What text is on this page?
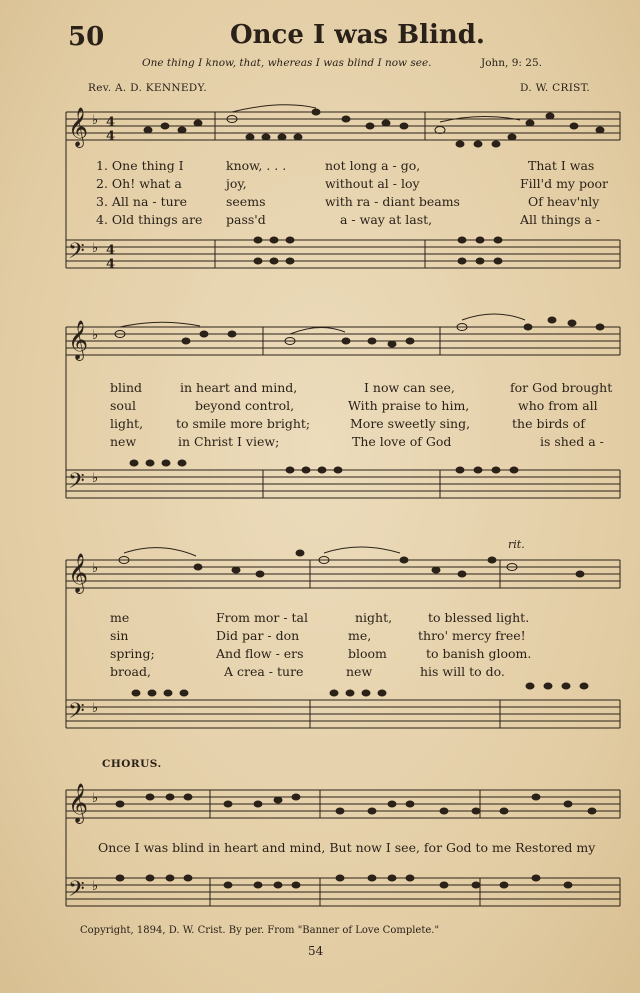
50	Once I was Blind.
One thing I know, that, whereas I was blind I now see.	John, 9: 25.
Rev. A. D. KENNEDY.	D. W. CRIST.
𝄞
𝄢
𝄞
𝄢
𝄞
𝄢
𝄞
𝄢
♭
♭
♭
♭
♭
♭
♭
♭
4
4
4
4
1. One thing I	know, . . .	not long a - go,	That I was
2. Oh! what a	joy,	without al - loy	Fill'd my poor
3. All na - ture	seems	with ra - diant beams	Of heav'nly
4. Old things are pass'd	a - way at last,	All things a -
blind	in heart and mind,	I now can see,	for God brought
soul	beyond control,	With praise to him,	who from all
light,	to smile more bright;	More sweetly sing,	the birds of
new	in Christ I view;	The love of God	is shed a -
rit.
me	From mor - tal	night,	to blessed light.
sin	Did par - don	me,	thro' mercy free!
spring;	And flow - ers	bloom	to banish gloom.
broad,	A crea - ture	new	his will to do.
CHORUS.
Once I was blind in heart and mind, But now I see, for God to me Restored my
Copyright, 1894, D. W. Crist. By per. From "Banner of Love Complete."
54
